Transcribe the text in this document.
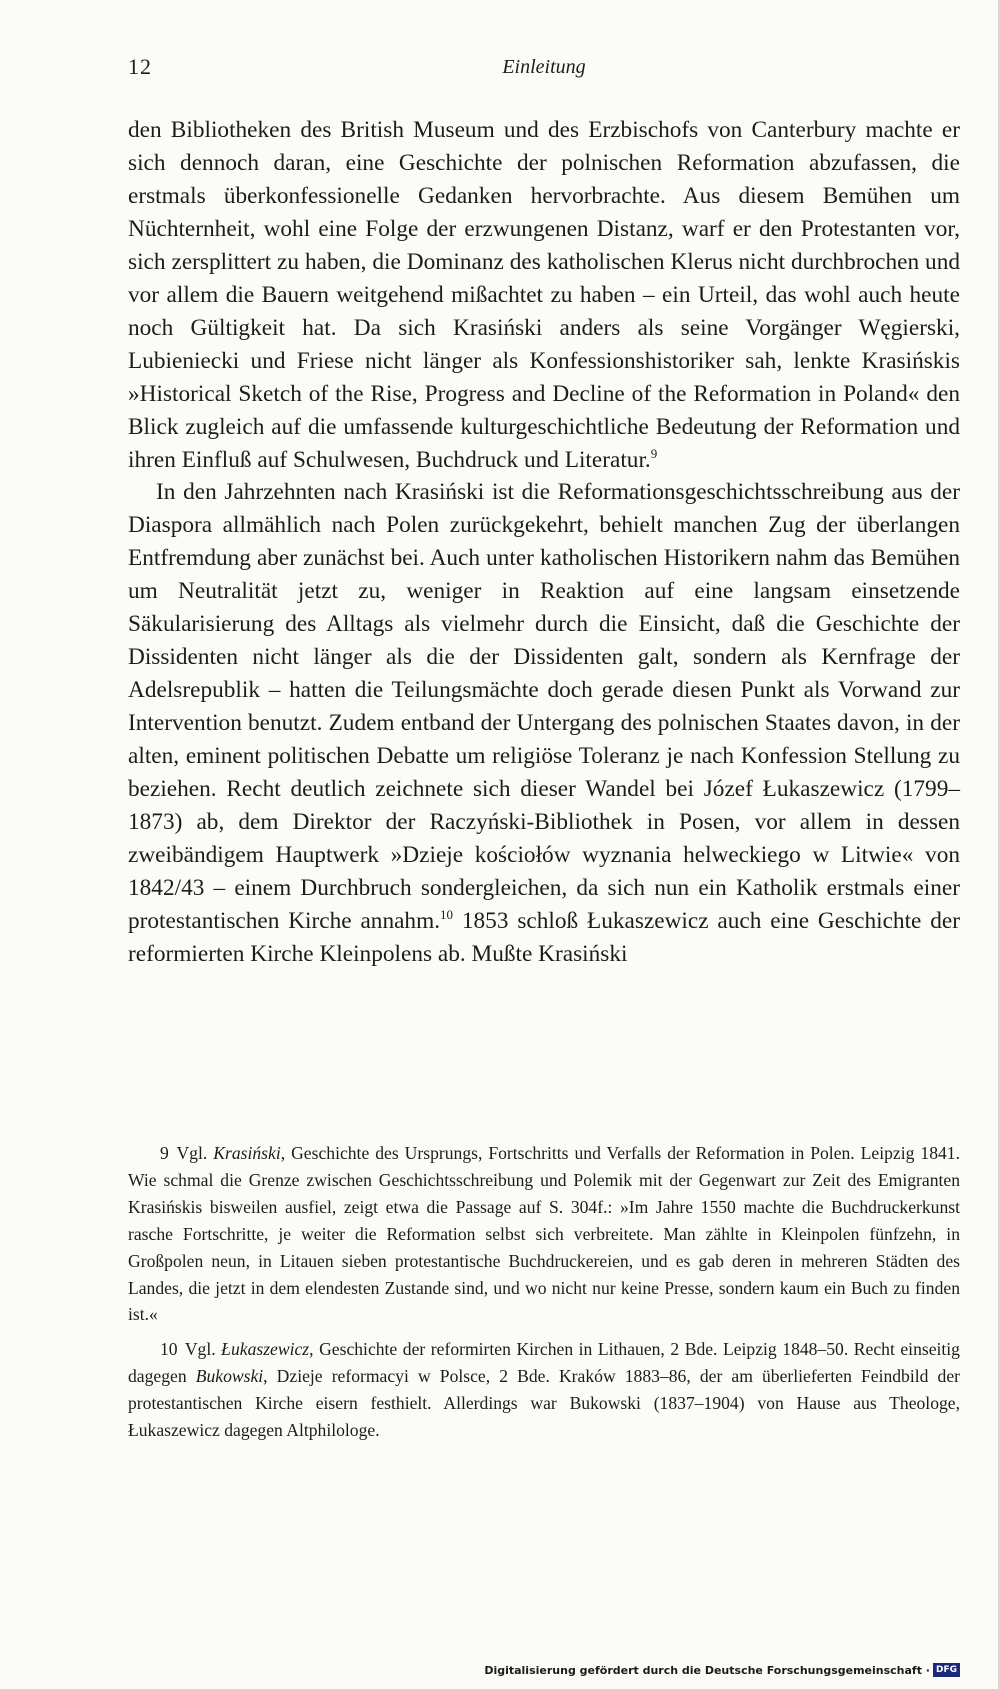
12	Einleitung

den Bibliotheken des British Museum und des Erzbischofs von Canterbury machte er sich dennoch daran, eine Geschichte der polnischen Reformation abzufassen, die erstmals überkonfessionelle Gedanken hervorbrachte. Aus diesem Bemühen um Nüchternheit, wohl eine Folge der erzwungenen Distanz, warf er den Protestanten vor, sich zersplittert zu haben, die Dominanz des katholischen Klerus nicht durchbrochen und vor allem die Bauern weitgehend mißachtet zu haben – ein Urteil, das wohl auch heute noch Gültigkeit hat. Da sich Krasiński anders als seine Vorgänger Węgierski, Lubieniecki und Friese nicht länger als Konfessionshistoriker sah, lenkte Krasińskis »Historical Sketch of the Rise, Progress and Decline of the Reformation in Poland« den Blick zugleich auf die umfassende kulturgeschichtliche Bedeutung der Reformation und ihren Einfluß auf Schulwesen, Buchdruck und Literatur.$^9$

In den Jahrzehnten nach Krasiński ist die Reformationsgeschichtsschreibung aus der Diaspora allmählich nach Polen zurückgekehrt, behielt manchen Zug der überlangen Entfremdung aber zunächst bei. Auch unter katholischen Historikern nahm das Bemühen um Neutralität jetzt zu, weniger in Reaktion auf eine langsam einsetzende Säkularisierung des Alltags als vielmehr durch die Einsicht, daß die Geschichte der Dissidenten nicht länger als die der Dissidenten galt, sondern als Kernfrage der Adelsrepublik – hatten die Teilungsmächte doch gerade diesen Punkt als Vorwand zur Intervention benutzt. Zudem entband der Untergang des polnischen Staates davon, in der alten, eminent politischen Debatte um religiöse Toleranz je nach Konfession Stellung zu beziehen. Recht deutlich zeichnete sich dieser Wandel bei Józef Łukaszewicz (1799–1873) ab, dem Direktor der Raczyński-Bibliothek in Posen, vor allem in dessen zweibändigem Hauptwerk »Dzieje kościołów wyznania helweckiego w Litwie« von 1842/43 – einem Durchbruch sondergleichen, da sich nun ein Katholik erstmals einer protestantischen Kirche annahm.$^{10}$ 1853 schloß Łukaszewicz auch eine Geschichte der reformierten Kirche Kleinpolens ab. Mußte Krasiński

9 Vgl. Krasiński, Geschichte des Ursprungs, Fortschritts und Verfalls der Reformation in Polen. Leipzig 1841. Wie schmal die Grenze zwischen Geschichtsschreibung und Polemik mit der Gegenwart zur Zeit des Emigranten Krasińskis bisweilen ausfiel, zeigt etwa die Passage auf S. 304f.: »Im Jahre 1550 machte die Buchdruckerkunst rasche Fortschritte, je weiter die Reformation selbst sich verbreitete. Man zählte in Kleinpolen fünfzehn, in Großpolen neun, in Litauen sieben protestantische Buchdruckereien, und es gab deren in mehreren Städten des Landes, die jetzt in dem elendesten Zustande sind, und wo nicht nur keine Presse, sondern kaum ein Buch zu finden ist.«

10 Vgl. Łukaszewicz, Geschichte der reformirten Kirchen in Lithauen, 2 Bde. Leipzig 1848–50. Recht einseitig dagegen Bukowski, Dzieje reformacyi w Polsce, 2 Bde. Kraków 1883–86, der am überlieferten Feindbild der protestantischen Kirche eisern festhielt. Allerdings war Bukowski (1837–1904) von Hause aus Theologe, Łukaszewicz dagegen Altphilologe.

Digitalisierung gefördert durch die Deutsche Forschungsgemeinschaft · DFG
